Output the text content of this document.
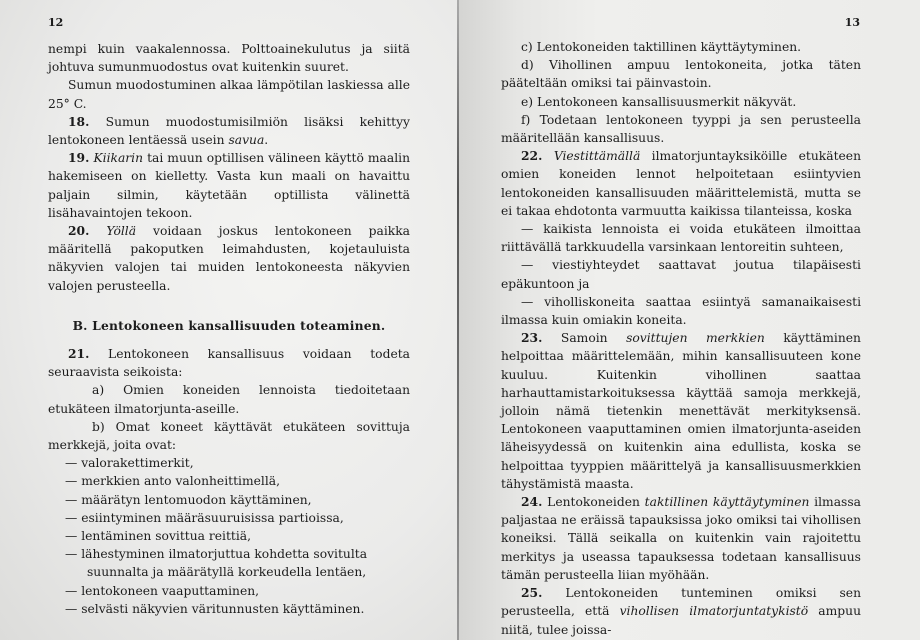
12

nempi kuin vaakalennossa. Polttoainekulutus ja siitä johtuva sumunmuodostus ovat kuitenkin suuret.

Sumun muodostuminen alkaa lämpötilan laskiessa alle 25° C.

18. Sumun muodostumisilmiön lisäksi kehittyy lentokoneen lentäessä usein savua.

19. Kiikarin tai muun optillisen välineen käyttö maalin hakemiseen on kielletty. Vasta kun maali on havaittu paljain silmin, käytetään optillista välinettä lisähavaintojen tekoon.

20. Yöllä voidaan joskus lentokoneen paikka määritellä pakoputken leimahdusten, kojetauluista näkyvien valojen tai muiden lentokoneesta näkyvien valojen perusteella.

B. Lentokoneen kansallisuuden toteaminen.

21. Lentokoneen kansallisuus voidaan todeta seuraavista seikoista:

a) Omien koneiden lennoista tiedoitetaan etukäteen ilmatorjunta-aseille.

b) Omat koneet käyttävät etukäteen sovittuja merkkejä, joita ovat:

— valorakettimerkit,

— merkkien anto valonheittimellä,

— määrätyn lentomuodon käyttäminen,

— esiintyminen määräsuuruisissa partioissa,

— lentäminen sovittua reittiä,

— lähestyminen ilmatorjuttua kohdetta sovitulta suunnalta ja määrätyllä korkeudella lentäen,

— lentokoneen vaaputtaminen,

— selvästi näkyvien väritunnusten käyttäminen.

13

c) Lentokoneiden taktillinen käyttäytyminen.

d) Vihollinen ampuu lentokoneita, jotka täten pääteltään omiksi tai päinvastoin.

e) Lentokoneen kansallisuusmerkit näkyvät.

f) Todetaan lentokoneen tyyppi ja sen perusteella määritellään kansallisuus.

22. Viestittämällä ilmatorjuntayksiköille etukäteen omien koneiden lennot helpoitetaan esiintyvien lentokoneiden kansallisuuden määrittelemistä, mutta se ei takaa ehdotonta varmuutta kaikissa tilanteissa, koska

— kaikista lennoista ei voida etukäteen ilmoittaa riittävällä tarkkuudella varsinkaan lentoreitin suhteen,

— viestiyhteydet saattavat joutua tilapäisesti epäkuntoon ja

— viholliskoneita saattaa esiintyä samanaikaisesti ilmassa kuin omiakin koneita.

23. Samoin sovittujen merkkien käyttäminen helpoittaa määrittelemään, mihin kansallisuuteen kone kuuluu. Kuitenkin vihollinen saattaa harhauttamistarkoituksessa käyttää samoja merkkejä, jolloin nämä tietenkin menettävät merkityksensä. Lentokoneen vaaputtaminen omien ilmatorjunta-aseiden läheisyydessä on kuitenkin aina edullista, koska se helpoittaa tyyppien määrittelyä ja kansallisuusmerkkien tähystämistä maasta.

24. Lentokoneiden taktillinen käyttäytyminen ilmassa paljastaa ne eräissä tapauksissa joko omiksi tai vihollisen koneiksi. Tällä seikalla on kuitenkin vain rajoitettu merkitys ja useassa tapauksessa todetaan kansallisuus tämän perusteella liian myöhään.

25. Lentokoneiden tunteminen omiksi sen perusteella, että vihollisen ilmatorjuntatykistö ampuu niitä, tulee joissa-
